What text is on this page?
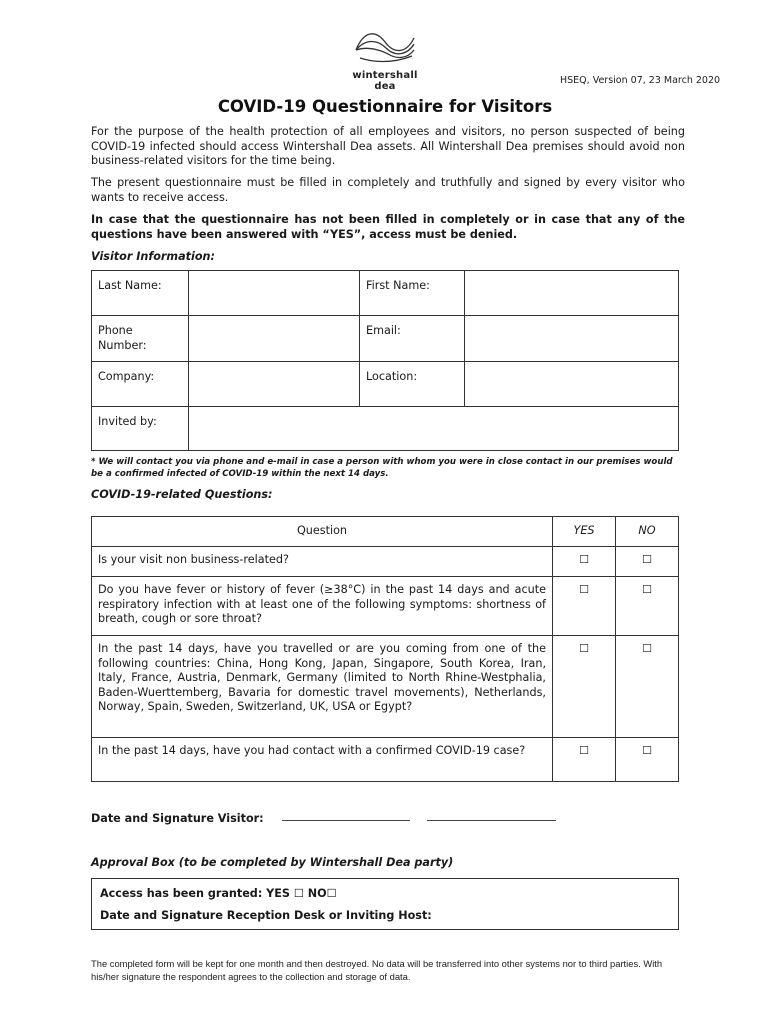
wintershall dea
HSEQ, Version 07, 23 March 2020
COVID-19 Questionnaire for Visitors
For the purpose of the health protection of all employees and visitors, no person suspected of being COVID-19 infected should access Wintershall Dea assets. All Wintershall Dea premises should avoid non business-related visitors for the time being.
The present questionnaire must be filled in completely and truthfully and signed by every visitor who wants to receive access.
In case that the questionnaire has not been filled in completely or in case that any of the questions have been answered with “YES”, access must be denied.
Visitor Information:
Last Name:		First Name:	
Phone Number:		Email:	
Company:		Location:	
Invited by:			
* We will contact you via phone and e-mail in case a person with whom you were in close contact in our premises would be a confirmed infected of COVID-19 within the next 14 days.
COVID-19-related Questions:
Question	YES	NO
Is your visit non business-related?	☐	☐
Do you have fever or history of fever (≥38°C) in the past 14 days and acute respiratory infection with at least one of the following symptoms: shortness of breath, cough or sore throat?	☐	☐
In the past 14 days, have you travelled or are you coming from one of the following countries: China, Hong Kong, Japan, Singapore, South Korea, Iran, Italy, France, Austria, Denmark, Germany (limited to North Rhine-Westphalia, Baden-Wuerttemberg, Bavaria for domestic travel movements), Netherlands, Norway, Spain, Sweden, Switzerland, UK, USA or Egypt?	☐	☐
In the past 14 days, have you had contact with a confirmed COVID-19 case?	☐	☐
Date and Signature Visitor:
Approval Box (to be completed by Wintershall Dea party)
Access has been granted: YES ☐ NO☐
Date and Signature Reception Desk or Inviting Host:
The completed form will be kept for one month and then destroyed. No data will be transferred into other systems nor to third parties. With his/her signature the respondent agrees to the collection and storage of data.
